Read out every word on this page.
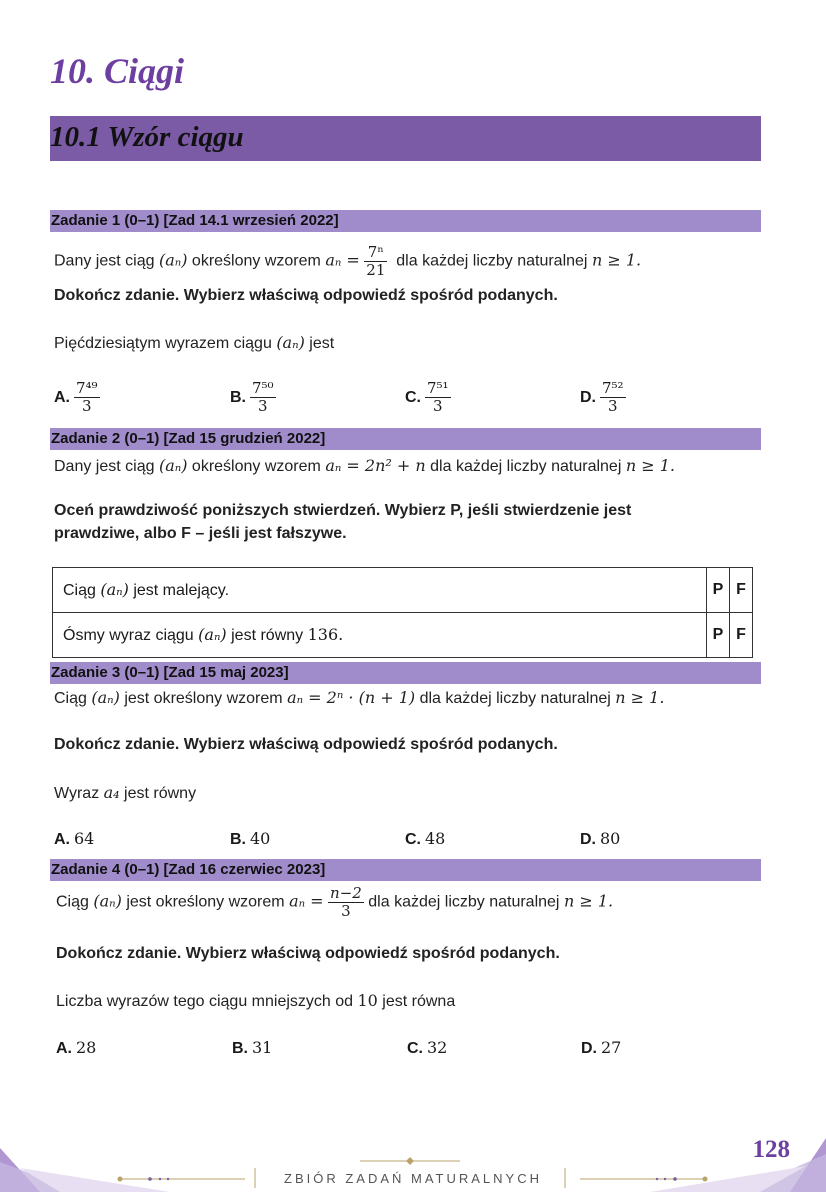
10. Ciągi
10.1 Wzór ciągu
Zadanie 1 (0–1) [Zad 14.1 wrzesień 2022]
Dany jest ciąg (aₙ) określony wzorem $a_n = \frac{\text{7ⁿ}}{21}$ dla każdej liczby naturalnej n ≥ 1.
Dokończ zdanie. Wybierz właściwą odpowiedź spośród podanych.
Pięćdziesiątym wyrazem ciągu (aₙ) jest
A. $\frac{\text{7⁴⁹}}{3}$	B. $\frac{\text{7⁵⁰}}{3}$	C. $\frac{\text{7⁵¹}}{3}$	D. $\frac{\text{7⁵²}}{3}$
Zadanie 2 (0–1) [Zad 15 grudzień 2022]
Dany jest ciąg (aₙ) określony wzorem aₙ = 2n² + n dla każdej liczby naturalnej n ≥ 1.
Oceń prawdziwość poniższych stwierdzeń. Wybierz P, jeśli stwierdzenie jest
prawdziwe, albo F – jeśli jest fałszywe.
Ciąg (aₙ) jest malejący.	P	F
Ósmy wyraz ciągu (aₙ) jest równy 136.	P	F
Zadanie 3 (0–1) [Zad 15 maj 2023]
Ciąg (aₙ) jest określony wzorem aₙ = 2ⁿ · (n + 1) dla każdej liczby naturalnej n ≥ 1.
Dokończ zdanie. Wybierz właściwą odpowiedź spośród podanych.
Wyraz a₄ jest równy
A. 64	B. 40	C. 48	D. 80
Zadanie 4 (0–1) [Zad 16 czerwiec 2023]
Ciąg (aₙ) jest określony wzorem $a_n = \frac{n-2}{3}$ dla każdej liczby naturalnej n ≥ 1.
Dokończ zdanie. Wybierz właściwą odpowiedź spośród podanych.
Liczba wyrazów tego ciągu mniejszych od 10 jest równa
A. 28	B. 31	C. 32	D. 27
ZBIÓR ZADAŃ MATURALNYCH
128
